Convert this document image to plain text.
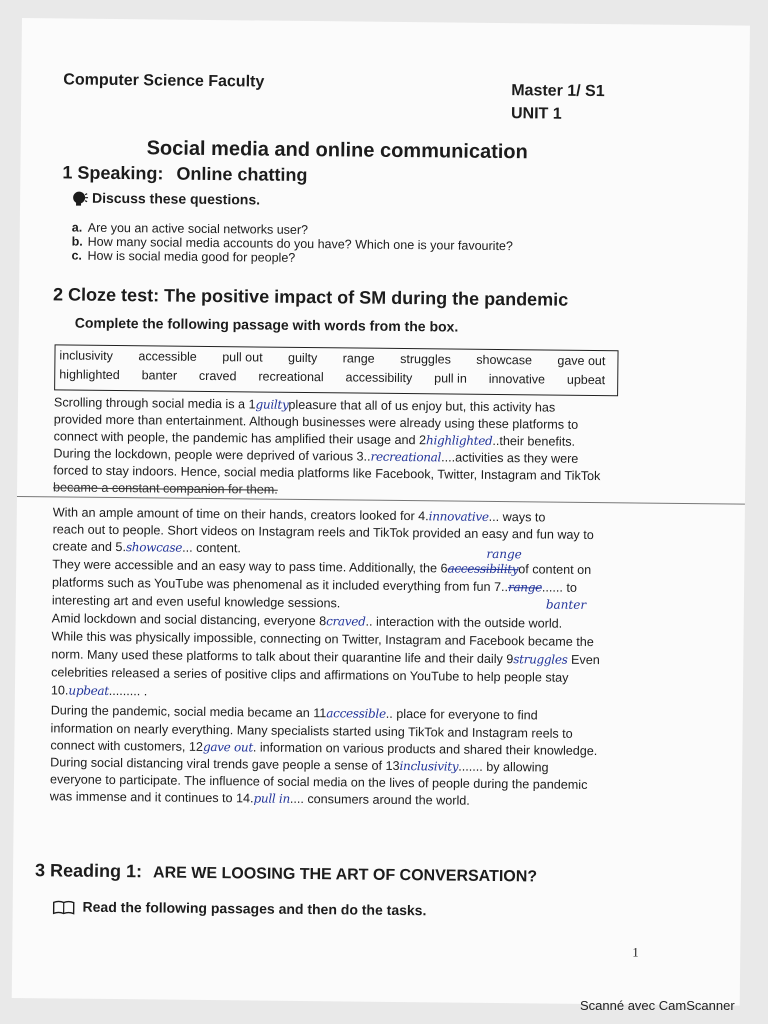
Computer Science Faculty
Master 1/ S1
UNIT 1
Social media and online communication
1 Speaking: Online chatting
Discuss these questions.
a. Are you an active social networks user?
b. How many social media accounts do you have? Which one is your favourite?
c. How is social media good for people?
2 Cloze test: The positive impact of SM during the pandemic
Complete the following passage with words from the box.
inclusivity accessible pull out guilty range struggles showcase gave out
highlighted banter craved recreational accessibility pull in innovative upbeat
Scrolling through social media is a 1guiltypleasure that all of us enjoy but, this activity has
provided more than entertainment. Although businesses were already using these platforms to
connect with people, the pandemic has amplified their usage and 2highlighted..their benefits.
During the lockdown, people were deprived of various 3..recreational....activities as they were
forced to stay indoors. Hence, social media platforms like Facebook, Twitter, Instagram and TikTok
became a constant companion for them.
With an ample amount of time on their hands, creators looked for 4.innovative... ways to
reach out to people. Short videos on Instagram reels and TikTok provided an easy and fun way to
create and 5.showcase... content.	range
They were accessible and an easy way to pass time. Additionally, the 6accessibilityof content on
platforms such as YouTube was phenomenal as it included everything from fun 7..range...... to
banter
interesting art and even useful knowledge sessions.
Amid lockdown and social distancing, everyone 8craved.. interaction with the outside world.
While this was physically impossible, connecting on Twitter, Instagram and Facebook became the
norm. Many used these platforms to talk about their quarantine life and their daily 9struggles Even
celebrities released a series of positive clips and affirmations on YouTube to help people stay
10.upbeat......... .
During the pandemic, social media became an 11accessible.. place for everyone to find
information on nearly everything. Many specialists started using TikTok and Instagram reels to
connect with customers, 12gave out. information on various products and shared their knowledge.
During social distancing viral trends gave people a sense of 13inclusivity....... by allowing
everyone to participate. The influence of social media on the lives of people during the pandemic
was immense and it continues to 14.pull in.... consumers around the world.
3 Reading 1: ARE WE LOOSING THE ART OF CONVERSATION?
Read the following passages and then do the tasks.
1
Scanné avec CamScanner
